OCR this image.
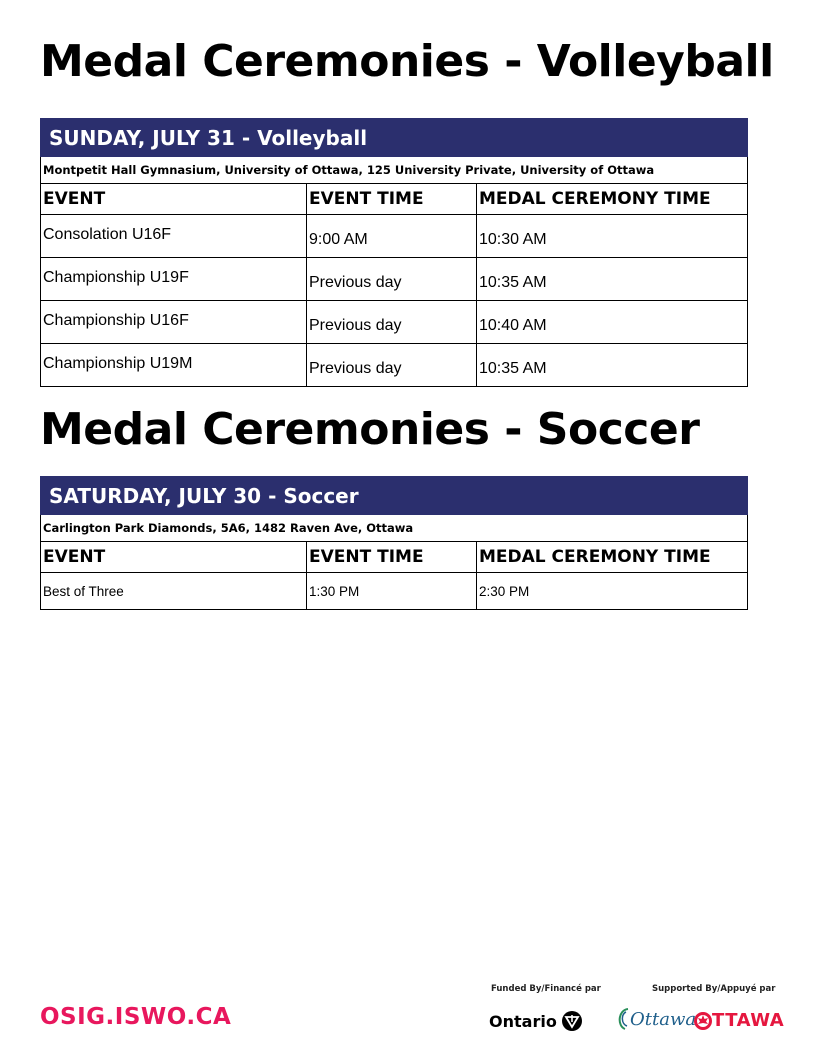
Medal Ceremonies - Volleyball
SUNDAY, JULY 31 - Volleyball		
Montpetit Hall Gymnasium, University of Ottawa, 125 University Private, University of Ottawa		
EVENT	EVENT TIME	MEDAL CEREMONY TIME
Consolation U16F	9:00 AM	10:30 AM
Championship U19F	Previous day	10:35 AM
Championship U16F	Previous day	10:40 AM
Championship U19M	Previous day	10:35 AM
Medal Ceremonies - Soccer
SATURDAY, JULY 30 - Soccer		
Carlington Park Diamonds, 5A6, 1482 Raven Ave, Ottawa		
EVENT	EVENT TIME	MEDAL CEREMONY TIME
Best of Three	1:30 PM	2:30 PM
OSIG.ISWO.CA
Funded By/Financé par	Supported By/Appuyé par
Ontario	Ottawa TTAWA
